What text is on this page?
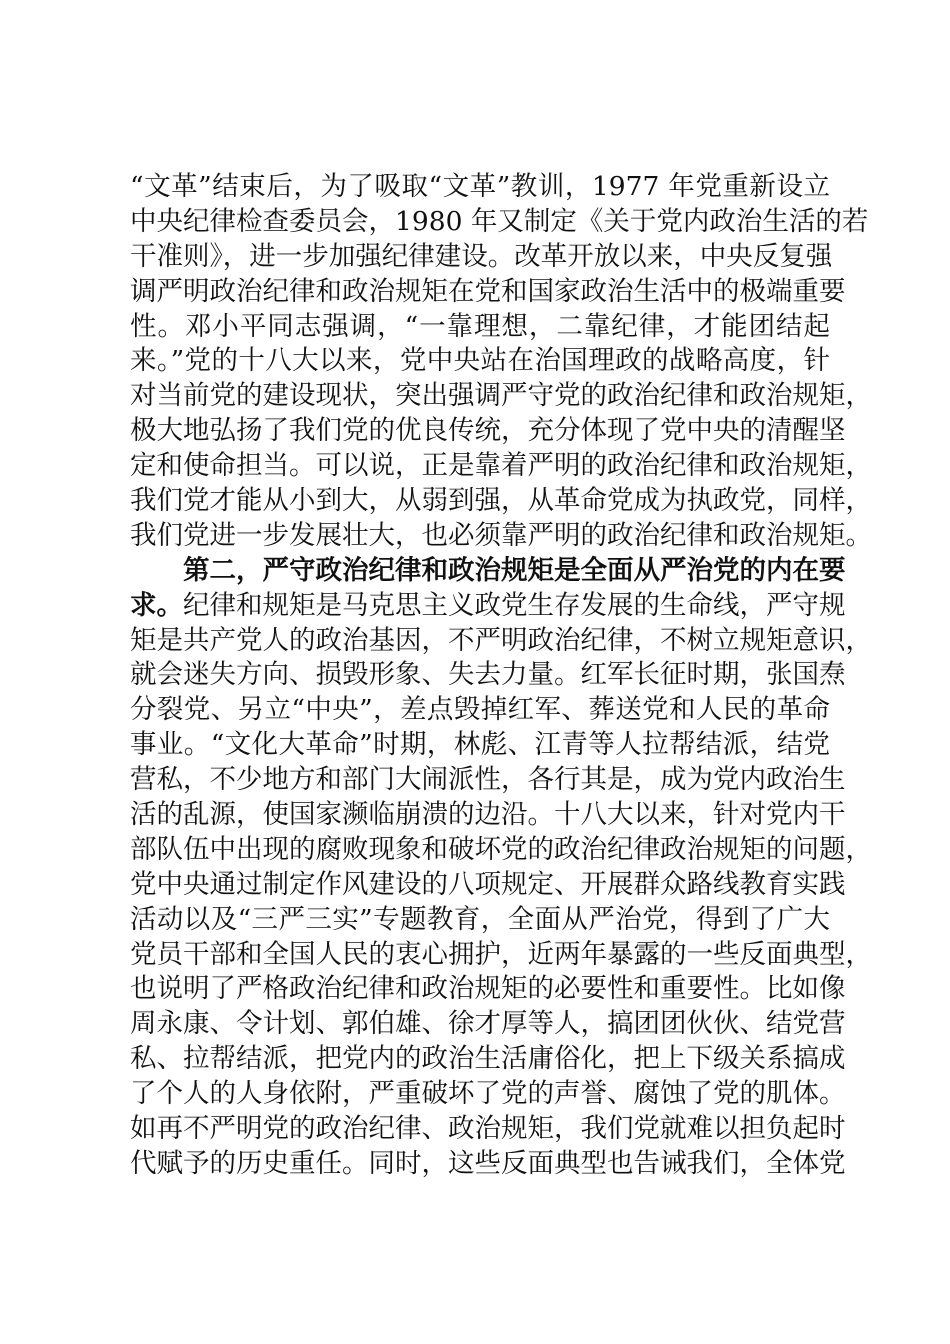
“文革”结束后，为了吸取“文革”教训，1977 年党重新设立
中央纪律检查委员会，1980 年又制定《关于党内政治生活的若
干准则》，进一步加强纪律建设。改革开放以来，中央反复强
调严明政治纪律和政治规矩在党和国家政治生活中的极端重要
性。邓小平同志强调，“一靠理想，二靠纪律，才能团结起
来。”党的十八大以来，党中央站在治国理政的战略高度，针
对当前党的建设现状，突出强调严守党的政治纪律和政治规矩，
极大地弘扬了我们党的优良传统，充分体现了党中央的清醒坚
定和使命担当。可以说，正是靠着严明的政治纪律和政治规矩，
我们党才能从小到大，从弱到强，从革命党成为执政党，同样，
我们党进一步发展壮大，也必须靠严明的政治纪律和政治规矩。
第二，严守政治纪律和政治规矩是全面从严治党的内在要
求。纪律和规矩是马克思主义政党生存发展的生命线，严守规
矩是共产党人的政治基因，不严明政治纪律，不树立规矩意识，
就会迷失方向、损毁形象、失去力量。红军长征时期，张国焘
分裂党、另立“中央”，差点毁掉红军、葬送党和人民的革命
事业。“文化大革命”时期，林彪、江青等人拉帮结派，结党
营私，不少地方和部门大闹派性，各行其是，成为党内政治生
活的乱源，使国家濒临崩溃的边沿。十八大以来，针对党内干
部队伍中出现的腐败现象和破坏党的政治纪律政治规矩的问题，
党中央通过制定作风建设的八项规定、开展群众路线教育实践
活动以及“三严三实”专题教育，全面从严治党，得到了广大
党员干部和全国人民的衷心拥护，近两年暴露的一些反面典型，
也说明了严格政治纪律和政治规矩的必要性和重要性。比如像
周永康、令计划、郭伯雄、徐才厚等人，搞团团伙伙、结党营
私、拉帮结派，把党内的政治生活庸俗化，把上下级关系搞成
了个人的人身依附，严重破坏了党的声誉、腐蚀了党的肌体。
如再不严明党的政治纪律、政治规矩，我们党就难以担负起时
代赋予的历史重任。同时，这些反面典型也告诫我们，全体党
